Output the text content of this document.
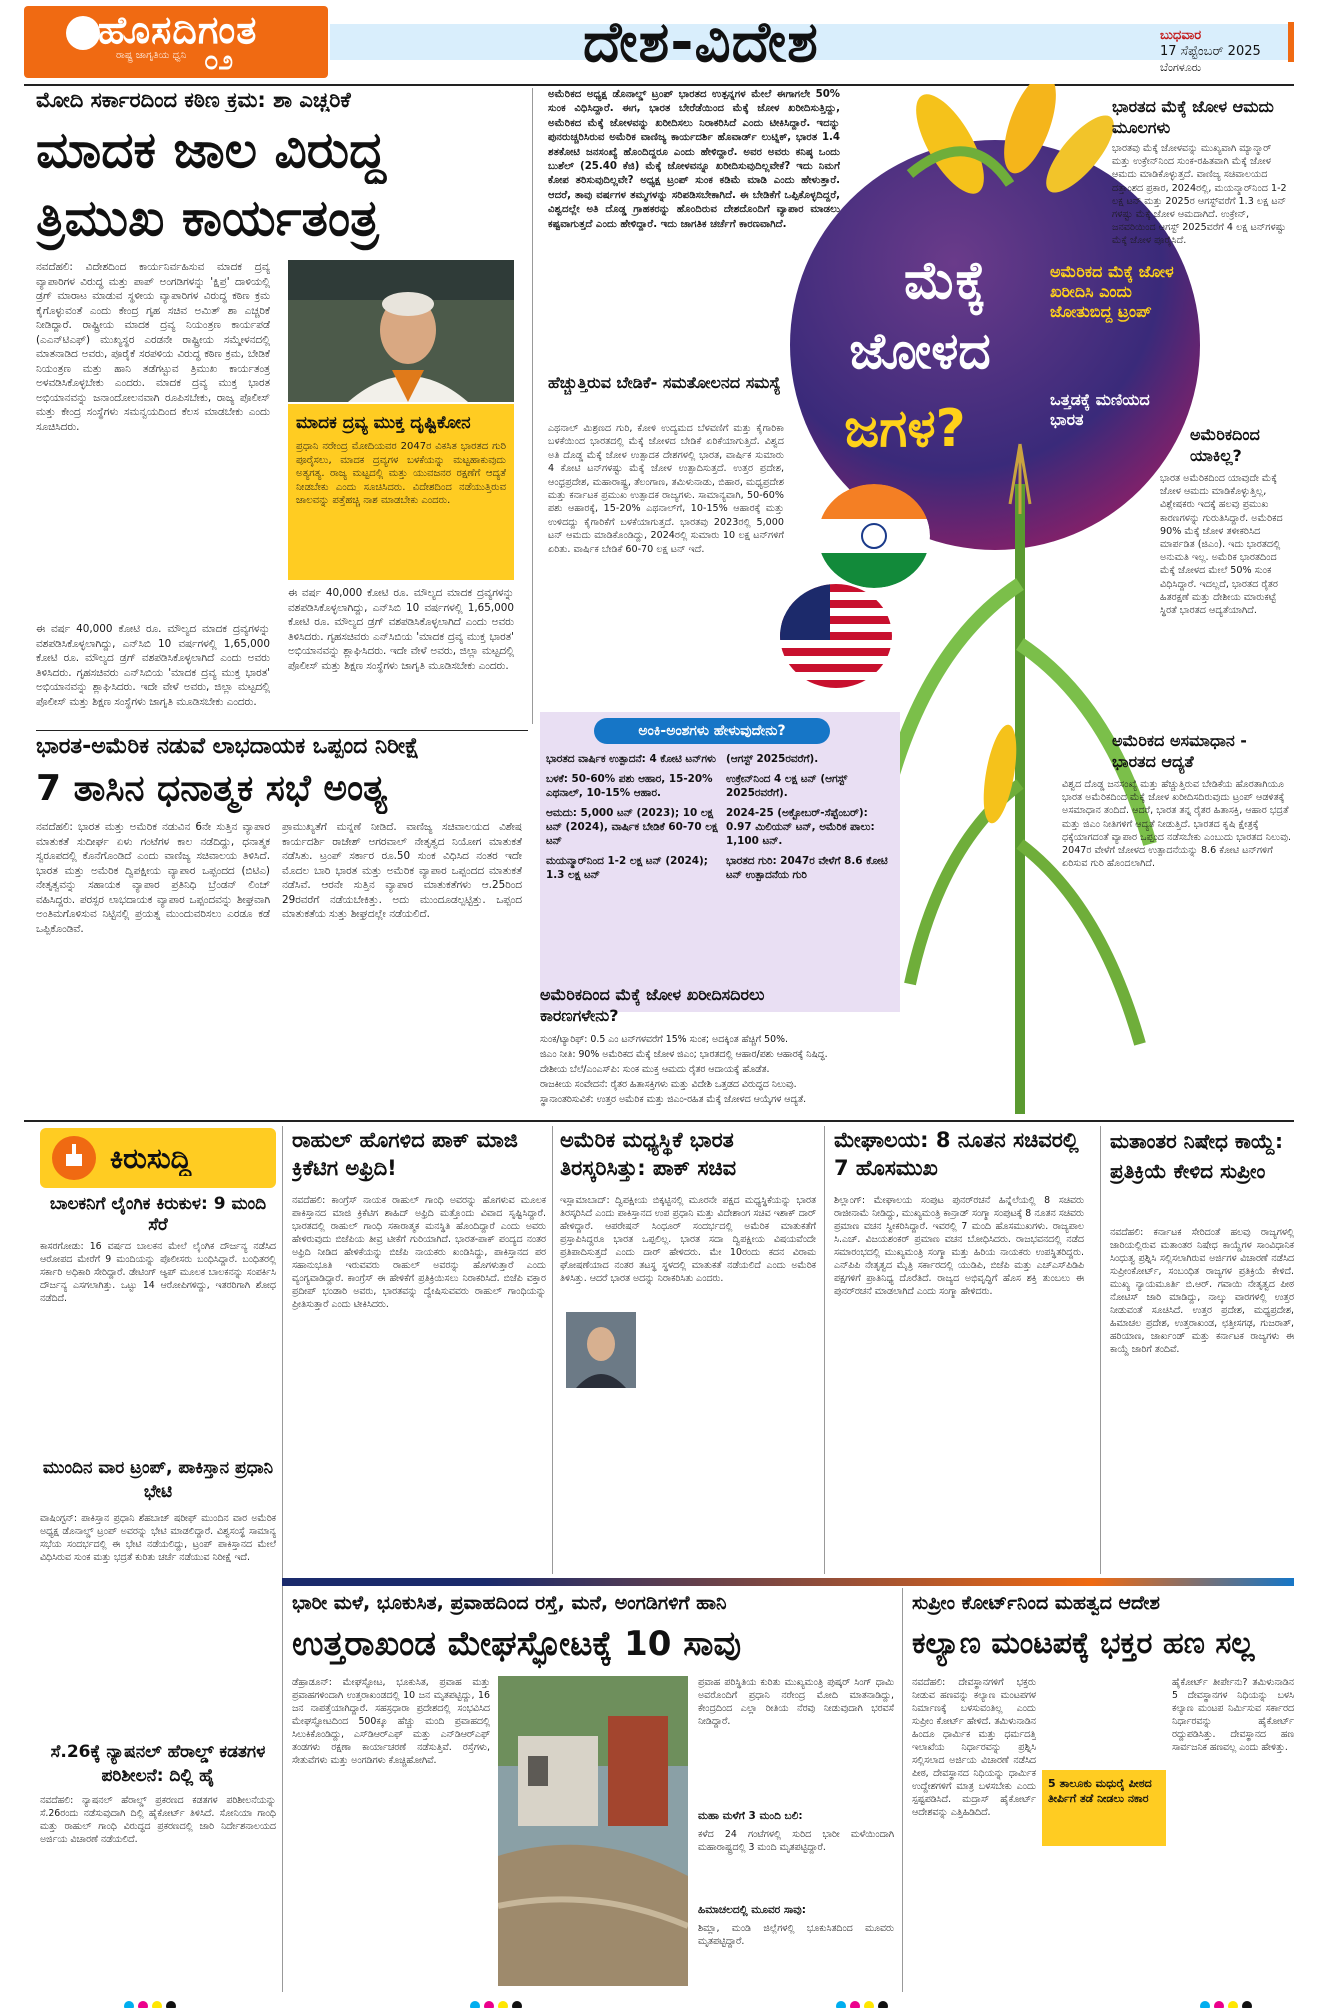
ಹೊಸದಿಗಂತ
ರಾಷ್ಟ್ರ ಜಾಗೃತಿಯ ಧ್ವನಿ ೦೨	ದೇಶ-ವಿದೇಶ	ಬುಧವಾರ
17 ಸೆಪ್ಟೆಂಬರ್ 2025
ಬೆಂಗಳೂರು
ಮೋದಿ ಸರ್ಕಾರದಿಂದ ಕಠಿಣ ಕ್ರಮ: ಶಾ ಎಚ್ಚರಿಕೆ
ಮಾದಕ ಜಾಲ ವಿರುದ್ಧ
ತ್ರಿಮುಖ ಕಾರ್ಯತಂತ್ರ
ನವದೆಹಲಿ: ವಿದೇಶದಿಂದ ಕಾರ್ಯನಿರ್ವಹಿಸುವ ಮಾದಕ ದ್ರವ್ಯ ವ್ಯಾಪಾರಿಗಳ ವಿರುದ್ಧ ಮತ್ತು ಪಾಪ್ ಅಂಗಡಿಗಳನ್ನು 'ಕ್ಷಿಪ್ರ' ದಾಳಿಯಲ್ಲಿ ಡ್ರಗ್ ಮಾರಾಟ ಮಾಡುವ ಸ್ಥಳೀಯ ವ್ಯಾಪಾರಿಗಳ ವಿರುದ್ಧ ಕಠಿಣ ಕ್ರಮ ಕೈಗೊಳ್ಳುವಂತೆ ಎಂದು ಕೇಂದ್ರ ಗೃಹ ಸಚಿವ ಅಮಿತ್ ಶಾ ಎಚ್ಚರಿಕೆ ನೀಡಿದ್ದಾರೆ. ರಾಷ್ಟ್ರೀಯ ಮಾದಕ ದ್ರವ್ಯ ನಿಯಂತ್ರಣ ಕಾರ್ಯಪಡೆ (ಎಎನ್‌ಟಿಎಫ್) ಮುಖ್ಯಸ್ಥರ ಎರಡನೇ ರಾಷ್ಟ್ರೀಯ ಸಮ್ಮೇಳನದಲ್ಲಿ ಮಾತನಾಡಿದ ಅವರು, ಪೂರೈಕೆ ಸರಪಳಿಯ ವಿರುದ್ಧ ಕಠಿಣ ಕ್ರಮ, ಬೇಡಿಕೆ ನಿಯಂತ್ರಣ ಮತ್ತು ಹಾನಿ ತಡೆಗಟ್ಟುವ ತ್ರಿಮುಖ ಕಾರ್ಯತಂತ್ರ ಅಳವಡಿಸಿಕೊಳ್ಳಬೇಕು ಎಂದರು. ಮಾದಕ ದ್ರವ್ಯ ಮುಕ್ತ ಭಾರತ ಅಭಿಯಾನವನ್ನು ಜನಾಂದೋಲನವಾಗಿ ರೂಪಿಸಬೇಕು, ರಾಜ್ಯ ಪೊಲೀಸ್ ಮತ್ತು ಕೇಂದ್ರ ಸಂಸ್ಥೆಗಳು ಸಮನ್ವಯದಿಂದ ಕೆಲಸ ಮಾಡಬೇಕು ಎಂದು ಸೂಚಿಸಿದರು.
ಈ ವರ್ಷ 40,000 ಕೋಟಿ ರೂ. ಮೌಲ್ಯದ ಮಾದಕ ದ್ರವ್ಯಗಳನ್ನು ವಶಪಡಿಸಿಕೊಳ್ಳಲಾಗಿದ್ದು, ಎನ್‌ಸಿಬಿ 10 ವರ್ಷಗಳಲ್ಲಿ 1,65,000 ಕೋಟಿ ರೂ. ಮೌಲ್ಯದ ಡ್ರಗ್ ವಶಪಡಿಸಿಕೊಳ್ಳಲಾಗಿದೆ ಎಂದು ಅವರು ತಿಳಿಸಿದರು. ಗೃಹಸಚಿವರು ಎನ್‌ಸಿಬಿಯ 'ಮಾದಕ ದ್ರವ್ಯ ಮುಕ್ತ ಭಾರತ' ಅಭಿಯಾನವನ್ನು ಶ್ಲಾಘಿಸಿದರು. ಇದೇ ವೇಳೆ ಅವರು, ಜಿಲ್ಲಾ ಮಟ್ಟದಲ್ಲಿ ಪೊಲೀಸ್ ಮತ್ತು ಶಿಕ್ಷಣ ಸಂಸ್ಥೆಗಳು ಜಾಗೃತಿ ಮೂಡಿಸಬೇಕು ಎಂದರು.
ಮಾದಕ ದ್ರವ್ಯ ಮುಕ್ತ ದೃಷ್ಟಿಕೋನ
ಪ್ರಧಾನಿ ನರೇಂದ್ರ ಮೋದಿಯವರ 2047ರ ವಿಕಸಿತ ಭಾರತದ ಗುರಿ ಪೂರೈಸಲು, ಮಾದಕ ದ್ರವ್ಯಗಳ ಬಳಕೆಯನ್ನು ಮಟ್ಟಹಾಕುವುದು ಅತ್ಯಗತ್ಯ. ರಾಜ್ಯ ಮಟ್ಟದಲ್ಲಿ ಮತ್ತು ಯುವಜನರ ರಕ್ಷಣೆಗೆ ಆದ್ಯತೆ ನೀಡಬೇಕು ಎಂದು ಸೂಚಿಸಿದರು. ವಿದೇಶದಿಂದ ನಡೆಯುತ್ತಿರುವ ಜಾಲವನ್ನು ಪತ್ತೆಹಚ್ಚಿ ನಾಶ ಮಾಡಬೇಕು ಎಂದರು.
ಈ ವರ್ಷ 40,000 ಕೋಟಿ ರೂ. ಮೌಲ್ಯದ ಮಾದಕ ದ್ರವ್ಯಗಳನ್ನು ವಶಪಡಿಸಿಕೊಳ್ಳಲಾಗಿದ್ದು, ಎನ್‌ಸಿಬಿ 10 ವರ್ಷಗಳಲ್ಲಿ 1,65,000 ಕೋಟಿ ರೂ. ಮೌಲ್ಯದ ಡ್ರಗ್ ವಶಪಡಿಸಿಕೊಳ್ಳಲಾಗಿದೆ ಎಂದು ಅವರು ತಿಳಿಸಿದರು. ಗೃಹಸಚಿವರು ಎನ್‌ಸಿಬಿಯ 'ಮಾದಕ ದ್ರವ್ಯ ಮುಕ್ತ ಭಾರತ' ಅಭಿಯಾನವನ್ನು ಶ್ಲಾಘಿಸಿದರು. ಇದೇ ವೇಳೆ ಅವರು, ಜಿಲ್ಲಾ ಮಟ್ಟದಲ್ಲಿ ಪೊಲೀಸ್ ಮತ್ತು ಶಿಕ್ಷಣ ಸಂಸ್ಥೆಗಳು ಜಾಗೃತಿ ಮೂಡಿಸಬೇಕು ಎಂದರು.
ಅಮೆರಿಕದ ಅಧ್ಯಕ್ಷ ಡೊನಾಲ್ಡ್ ಟ್ರಂಪ್ ಭಾರತದ ಉತ್ಪನ್ನಗಳ ಮೇಲೆ ಈಗಾಗಲೇ 50% ಸುಂಕ ವಿಧಿಸಿದ್ದಾರೆ. ಈಗ, ಭಾರತ ಬೇರೆಡೆಯಿಂದ ಮೆಕ್ಕೆ ಜೋಳ ಖರೀದಿಸುತ್ತಿದ್ದು, ಅಮೆರಿಕದ ಮೆಕ್ಕೆ ಜೋಳವನ್ನು ಖರೀದಿಸಲು ನಿರಾಕರಿಸಿದೆ ಎಂದು ಟೀಕಿಸಿದ್ದಾರೆ. ಇದನ್ನು ಪುನರುಚ್ಚರಿಸಿರುವ ಅಮೆರಿಕ ವಾಣಿಜ್ಯ ಕಾರ್ಯದರ್ಶಿ ಹೊವಾರ್ಡ್ ಲುಟ್ನಿಕ್, ಭಾರತ 1.4 ಶತಕೋಟಿ ಜನಸಂಖ್ಯೆ ಹೊಂದಿದ್ದರೂ ಎಂದು ಹೇಳಿದ್ದಾರೆ. ಅವರ ಅವರು ಕನಿಷ್ಠ ಒಂದು ಬುಶೆಲ್ (25.40 ಕೆಜಿ) ಮೆಕ್ಕೆ ಜೋಳವನ್ನೂ ಖರೀದಿಸುವುದಿಲ್ಲವೇಕೆ? ಇದು ನಿಮಗೆ ಕೋಪ ತರಿಸುವುದಿಲ್ಲವೇ? ಅಧ್ಯಕ್ಷ ಟ್ರಂಪ್ ಸುಂಕ ಕಡಿಮೆ ಮಾಡಿ ಎಂದು ಹೇಳುತ್ತಾರೆ. ಆದರೆ, ತಾವು ವರ್ಷಗಳ ತಮ್ಮಗಳನ್ನು ಸರಿಪಡಿಸಬೇಕಾಗಿದೆ. ಈ ಬೇಡಿಕೆಗೆ ಒಪ್ಪಿಕೊಳ್ಳದಿದ್ದರೆ, ವಿಶ್ವದಲ್ಲೇ ಅತಿ ದೊಡ್ಡ ಗ್ರಾಹಕರನ್ನು ಹೊಂದಿರುವ ದೇಶದೊಂದಿಗೆ ವ್ಯಾಪಾರ ಮಾಡಲು ಕಷ್ಟವಾಗುತ್ತದೆ ಎಂದು ಹೇಳಿದ್ದಾರೆ. ಇದು ಜಾಗತಿಕ ಚರ್ಚೆಗೆ ಕಾರಣವಾಗಿದೆ.
ಮೆಕ್ಕೆ
ಜೋಳದ
ಜಗಳ?
ಅಮೆರಿಕದ ಮೆಕ್ಕೆ ಜೋಳ ಖರೀದಿಸಿ ಎಂದು ಜೋತುಬಿದ್ದ ಟ್ರಂಪ್
ಒತ್ತಡಕ್ಕೆ ಮಣಿಯದ ಭಾರತ
ಹೆಚ್ಚುತ್ತಿರುವ ಬೇಡಿಕೆ- ಸಮತೋಲನದ ಸಮಸ್ಯೆ
ಎಥನಾಲ್ ಮಿಶ್ರಣದ ಗುರಿ, ಕೋಳಿ ಉದ್ಯಮದ ಬೆಳವಣಿಗೆ ಮತ್ತು ಕೈಗಾರಿಕಾ ಬಳಕೆಯಿಂದ ಭಾರತದಲ್ಲಿ ಮೆಕ್ಕೆ ಜೋಳದ ಬೇಡಿಕೆ ಏರಿಕೆಯಾಗುತ್ತಿದೆ. ವಿಶ್ವದ ಅತಿ ದೊಡ್ಡ ಮೆಕ್ಕೆ ಜೋಳ ಉತ್ಪಾದಕ ದೇಶಗಳಲ್ಲಿ ಭಾರತ, ವಾರ್ಷಿಕ ಸುಮಾರು 4 ಕೋಟಿ ಟನ್‌ಗಳಷ್ಟು ಮೆಕ್ಕೆ ಜೋಳ ಉತ್ಪಾದಿಸುತ್ತದೆ. ಉತ್ತರ ಪ್ರದೇಶ, ಆಂಧ್ರಪ್ರದೇಶ, ಮಹಾರಾಷ್ಟ್ರ, ತೆಲಂಗಾಣ, ತಮಿಳುನಾಡು, ಬಿಹಾರ, ಮಧ್ಯಪ್ರದೇಶ ಮತ್ತು ಕರ್ನಾಟಕ ಪ್ರಮುಖ ಉತ್ಪಾದಕ ರಾಜ್ಯಗಳು. ಸಾಮಾನ್ಯವಾಗಿ, 50-60% ಪಶು ಆಹಾರಕ್ಕೆ, 15-20% ಎಥನಾಲ್‌ಗೆ, 10-15% ಆಹಾರಕ್ಕೆ ಮತ್ತು ಉಳಿದದ್ದು ಕೈಗಾರಿಕೆಗೆ ಬಳಕೆಯಾಗುತ್ತದೆ. ಭಾರತವು 2023ರಲ್ಲಿ 5,000 ಟನ್ ಆಮದು ಮಾಡಿಕೊಂಡಿದ್ದು, 2024ರಲ್ಲಿ ಸುಮಾರು 10 ಲಕ್ಷ ಟನ್‌ಗಳಿಗೆ ಏರಿತು. ವಾರ್ಷಿಕ ಬೇಡಿಕೆ 60-70 ಲಕ್ಷ ಟನ್ ಇದೆ.
ಭಾರತದ ಮೆಕ್ಕೆ ಜೋಳ ಆಮದು ಮೂಲಗಳು
ಭಾರತವು ಮೆಕ್ಕೆ ಜೋಳವನ್ನು ಮುಖ್ಯವಾಗಿ ಮ್ಯಾನ್ಮಾರ್ ಮತ್ತು ಉಕ್ರೇನ್‌ನಿಂದ ಸುಂಕ-ರಹಿತವಾಗಿ ಮೆಕ್ಕೆ ಜೋಳ ಆಮದು ಮಾಡಿಕೊಳ್ಳುತ್ತದೆ. ವಾಣಿಜ್ಯ ಸಚಿವಾಲಯದ ದತ್ತಾಂಶದ ಪ್ರಕಾರ, 2024ರಲ್ಲಿ, ಮಯನ್ಮಾರ್‌ನಿಂದ 1-2 ಲಕ್ಷ ಟನ್ ಮತ್ತು 2025ರ ಆಗಸ್ಟ್‌ವರೆಗೆ 1.3 ಲಕ್ಷ ಟನ್ ಗಳಷ್ಟು ಮೆಕ್ಕೆ ಜೋಳ ಆಮದಾಗಿದೆ. ಉಕ್ರೇನ್, ಜನವರಿಯಿಂದ ಆಗಸ್ಟ್ 2025ವರೆಗೆ 4 ಲಕ್ಷ ಟನ್‌ಗಳಷ್ಟು ಮೆಕ್ಕೆ ಜೋಳ ಪೂರೈಸಿದೆ.
ಅಮೆರಿಕದಿಂದ ಯಾಕಿಲ್ಲ?
ಭಾರತ ಅಮೆರಿಕದಿಂದ ಯಾವುದೇ ಮೆಕ್ಕೆ ಜೋಳ ಆಮದು ಮಾಡಿಕೊಳ್ಳುತ್ತಿಲ್ಲ, ವಿಶ್ಲೇಷಕರು ಇದಕ್ಕೆ ಹಲವು ಪ್ರಮುಖ ಕಾರಣಗಳನ್ನು ಗುರುತಿಸಿದ್ದಾರೆ. ಅಮೆರಿಕದ 90% ಮೆಕ್ಕೆ ಜೋಳ ತಳೀಕರಿಸಿದ ಮಾರ್ಪಡಿತ (ಜಿಎಂ). ಇದು ಭಾರತದಲ್ಲಿ ಅನುಮತಿ ಇಲ್ಲ. ಅಮೆರಿಕ ಭಾರತದಿಂದ ಮೆಕ್ಕೆ ಜೋಳದ ಮೇಲೆ 50% ಸುಂಕ ವಿಧಿಸಿದ್ದಾರೆ. ಇದಲ್ಲದೆ, ಭಾರತದ ರೈತರ ಹಿತರಕ್ಷಣೆ ಮತ್ತು ದೇಶೀಯ ಮಾರುಕಟ್ಟೆ ಸ್ಥಿರತೆ ಭಾರತದ ಆದ್ಯತೆಯಾಗಿದೆ.
ಅಮೆರಿಕದ ಅಸಮಾಧಾನ - ಭಾರತದ ಆದ್ಯತೆ
ವಿಶ್ವದ ದೊಡ್ಡ ಜನಸಂಖ್ಯೆ ಮತ್ತು ಹೆಚ್ಚುತ್ತಿರುವ ಬೇಡಿಕೆಯ ಹೊರತಾಗಿಯೂ ಭಾರತ ಅಮೆರಿಕದಿಂದ ಮೆಕ್ಕೆ ಜೋಳ ಖರೀದಿಸದಿರುವುದು ಟ್ರಂಪ್ ಆಡಳಿತಕ್ಕೆ ಅಸಮಾಧಾನ ತಂದಿದೆ. ಆದರೆ, ಭಾರತ ತನ್ನ ರೈತರ ಹಿತಾಸಕ್ತಿ, ಆಹಾರ ಭದ್ರತೆ ಮತ್ತು ಜಿಎಂ ನೀತಿಗಳಿಗೆ ಆದ್ಯತೆ ನೀಡುತ್ತಿದೆ. ಭಾರತದ ಕೃಷಿ ಕ್ಷೇತ್ರಕ್ಕೆ ಧಕ್ಕೆಯಾಗದಂತೆ ವ್ಯಾಪಾರ ಒಪ್ಪಂದ ನಡೆಸಬೇಕು ಎಂಬುದು ಭಾರತದ ನಿಲುವು. 2047ರ ವೇಳೆಗೆ ಜೋಳದ ಉತ್ಪಾದನೆಯನ್ನು 8.6 ಕೋಟಿ ಟನ್‌ಗಳಿಗೆ ಏರಿಸುವ ಗುರಿ ಹೊಂದಲಾಗಿದೆ.
ಅಂಕಿ-ಅಂಶಗಳು ಹೇಳುವುದೇನು?
ಭಾರತದ ವಾರ್ಷಿಕ ಉತ್ಪಾದನೆ: 4 ಕೋಟಿ ಟನ್‌ಗಳು
ಬಳಕೆ: 50-60% ಪಶು ಆಹಾರ, 15-20% ಎಥನಾಲ್, 10-15% ಆಹಾರ.
ಆಮದು: 5,000 ಟನ್ (2023); 10 ಲಕ್ಷ ಟನ್ (2024), ವಾರ್ಷಿಕ ಬೇಡಿಕೆ 60-70 ಲಕ್ಷ ಟನ್
ಮಯನ್ಮಾರ್‌ನಿಂದ 1-2 ಲಕ್ಷ ಟನ್ (2024); 1.3 ಲಕ್ಷ ಟನ್
(ಆಗಸ್ಟ್ 2025ರವರೆಗೆ).
ಉಕ್ರೇನ್‌ನಿಂದ 4 ಲಕ್ಷ ಟನ್ (ಆಗಸ್ಟ್ 2025ರವರೆಗೆ).
2024-25 (ಅಕ್ಟೋಬರ್-ಸೆಪ್ಟೆಂಬರ್): 0.97 ಮಿಲಿಯನ್ ಟನ್, ಅಮೆರಿಕ ಪಾಲು: 1,100 ಟನ್.
ಭಾರತದ ಗುರಿ: 2047ರ ವೇಳೆಗೆ 8.6 ಕೋಟಿ ಟನ್ ಉತ್ಪಾದನೆಯ ಗುರಿ
ಅಮೆರಿಕದಿಂದ ಮೆಕ್ಕೆ ಜೋಳ ಖರೀದಿಸದಿರಲು ಕಾರಣಗಳೇನು?
ಸುಂಕ/ಟ್ಯಾರಿಫ್: 0.5 ಎಂ ಟನ್‌ಗಳವರೆಗೆ 15% ಸುಂಕ; ಅದಕ್ಕಿಂತ ಹೆಚ್ಚಿಗೆ 50%.
ಜಿಎಂ ನೀತಿ: 90% ಅಮೆರಿಕದ ಮೆಕ್ಕೆ ಜೋಳ ಜಿಎಂ; ಭಾರತದಲ್ಲಿ ಆಹಾರ/ಪಶು ಆಹಾರಕ್ಕೆ ನಿಷಿದ್ಧ.
ದೇಶೀಯ ಬೆಲೆ/ಎಂಎಸ್‌ಪಿ: ಸುಂಕ ಮುಕ್ತ ಆಮದು ರೈತರ ಆದಾಯಕ್ಕೆ ಹೊಡೆತ.
ರಾಜಕೀಯ ಸಂವೇದನೆ: ರೈತರ ಹಿತಾಸಕ್ತಿಗಳು ಮತ್ತು ವಿದೇಶಿ ಒತ್ತಡದ ವಿರುದ್ಧದ ನಿಲುವು.
ಸ್ಥಾನಾಂತರಿಸುವಿಕೆ: ಉತ್ತರ ಅಮೆರಿಕ ಮತ್ತು ಜಿಎಂ-ರಹಿತ ಮೆಕ್ಕೆ ಜೋಳದ ಆಯ್ಕೆಗಳ ಆದ್ಯತೆ.
ಭಾರತ-ಅಮೆರಿಕ ನಡುವೆ ಲಾಭದಾಯಕ ಒಪ್ಪಂದ ನಿರೀಕ್ಷೆ
7 ತಾಸಿನ ಧನಾತ್ಮಕ ಸಭೆ ಅಂತ್ಯ
ನವದೆಹಲಿ: ಭಾರತ ಮತ್ತು ಅಮೆರಿಕ ನಡುವಿನ 6ನೇ ಸುತ್ತಿನ ವ್ಯಾಪಾರ ಮಾತುಕತೆ ಸುದೀರ್ಘ ಏಳು ಗಂಟೆಗಳ ಕಾಲ ನಡೆದಿದ್ದು, ಧನಾತ್ಮಕ ಸ್ವರೂಪದಲ್ಲಿ ಕೊನೆಗೊಂಡಿದೆ ಎಂದು ವಾಣಿಜ್ಯ ಸಚಿವಾಲಯ ತಿಳಿಸಿದೆ. ಭಾರತ ಮತ್ತು ಅಮೆರಿಕ ದ್ವಿಪಕ್ಷೀಯ ವ್ಯಾಪಾರ ಒಪ್ಪಂದದ (ಬಿಟಿಎ) ನೇತೃತ್ವವನ್ನು ಸಹಾಯಕ ವ್ಯಾಪಾರ ಪ್ರತಿನಿಧಿ ಬ್ರೆಂಡನ್ ಲಿಂಚ್ ವಹಿಸಿದ್ದರು. ಪರಸ್ಪರ ಲಾಭದಾಯಕ ವ್ಯಾಪಾರ ಒಪ್ಪಂದವನ್ನು ಶೀಘ್ರವಾಗಿ ಅಂತಿಮಗೊಳಿಸುವ ನಿಟ್ಟಿನಲ್ಲಿ ಪ್ರಯತ್ನ ಮುಂದುವರಿಸಲು ಎರಡೂ ಕಡೆ ಒಪ್ಪಿಕೊಂಡಿವೆ.
ಪ್ರಾಮುಖ್ಯತೆಗೆ ಮನ್ನಣೆ ನೀಡಿದೆ. ವಾಣಿಜ್ಯ ಸಚಿವಾಲಯದ ವಿಶೇಷ ಕಾರ್ಯದರ್ಶಿ ರಾಜೇಶ್ ಅಗರವಾಲ್ ನೇತೃತ್ವದ ನಿಯೋಗ ಮಾತುಕತೆ ನಡೆಸಿತು. ಟ್ರಂಪ್ ಸರ್ಕಾರ ರೂ.50 ಸುಂಕ ವಿಧಿಸಿದ ನಂತರ ಇದೇ ಮೊದಲ ಬಾರಿ ಭಾರತ ಮತ್ತು ಅಮೆರಿಕ ವ್ಯಾಪಾರ ಒಪ್ಪಂದದ ಮಾತುಕತೆ ನಡೆಸಿವೆ. ಆರನೇ ಸುತ್ತಿನ ವ್ಯಾಪಾರ ಮಾತುಕತೆಗಳು ಆ.25ರಿಂದ 29ರವರೆಗೆ ನಡೆಯಬೇಕಿತ್ತು. ಅದು ಮುಂದೂಡಲ್ಪಟ್ಟಿತ್ತು. ಒಪ್ಪಂದ ಮಾತುಕತೆಯ ಸುತ್ತು ಶೀಘ್ರದಲ್ಲೇ ನಡೆಯಲಿದೆ.
ಕಿರುಸುದ್ದಿ
ಬಾಲಕನಿಗೆ ಲೈಂಗಿಕ ಕಿರುಕುಳ: 9 ಮಂದಿ ಸೆರೆ
ಕಾಸರಗೋಡು: 16 ವರ್ಷದ ಬಾಲಕನ ಮೇಲೆ ಲೈಂಗಿಕ ದೌರ್ಜನ್ಯ ನಡೆಸಿದ ಆರೋಪದ ಮೇರೆಗೆ 9 ಮಂದಿಯನ್ನು ಪೊಲೀಸರು ಬಂಧಿಸಿದ್ದಾರೆ. ಬಂಧಿತರಲ್ಲಿ ಸರ್ಕಾರಿ ಅಧಿಕಾರಿ ಸೇರಿದ್ದಾರೆ. ಡೇಟಿಂಗ್ ಆ್ಯಪ್ ಮೂಲಕ ಬಾಲಕನನ್ನು ಸಂಪರ್ಕಿಸಿ ದೌರ್ಜನ್ಯ ಎಸಗಲಾಗಿತ್ತು. ಒಟ್ಟು 14 ಆರೋಪಿಗಳಿದ್ದು, ಇತರರಿಗಾಗಿ ಶೋಧ ನಡೆದಿದೆ.
ಮುಂದಿನ ವಾರ ಟ್ರಂಪ್, ಪಾಕಿಸ್ತಾನ ಪ್ರಧಾನಿ ಭೇಟಿ
ವಾಷಿಂಗ್ಟನ್: ಪಾಕಿಸ್ತಾನ ಪ್ರಧಾನಿ ಶೆಹಬಾಜ್ ಷರೀಫ್ ಮುಂದಿನ ವಾರ ಅಮೆರಿಕ ಅಧ್ಯಕ್ಷ ಡೊನಾಲ್ಡ್ ಟ್ರಂಪ್ ಅವರನ್ನು ಭೇಟಿ ಮಾಡಲಿದ್ದಾರೆ. ವಿಶ್ವಸಂಸ್ಥೆ ಸಾಮಾನ್ಯ ಸಭೆಯ ಸಂದರ್ಭದಲ್ಲಿ ಈ ಭೇಟಿ ನಡೆಯಲಿದ್ದು, ಟ್ರಂಪ್ ಪಾಕಿಸ್ತಾನದ ಮೇಲೆ ವಿಧಿಸಿರುವ ಸುಂಕ ಮತ್ತು ಭದ್ರತೆ ಕುರಿತು ಚರ್ಚೆ ನಡೆಯುವ ನಿರೀಕ್ಷೆ ಇದೆ.
ಸೆ.26ಕ್ಕೆ ನ್ಯಾಷನಲ್ ಹೆರಾಲ್ಡ್ ಕಡತಗಳ ಪರಿಶೀಲನೆ: ದಿಲ್ಲಿ ಹೈ
ನವದೆಹಲಿ: ನ್ಯಾಷನಲ್ ಹೆರಾಲ್ಡ್ ಪ್ರಕರಣದ ಕಡತಗಳ ಪರಿಶೀಲನೆಯನ್ನು ಸೆ.26ರಂದು ನಡೆಸುವುದಾಗಿ ದಿಲ್ಲಿ ಹೈಕೋರ್ಟ್ ತಿಳಿಸಿದೆ. ಸೋನಿಯಾ ಗಾಂಧಿ ಮತ್ತು ರಾಹುಲ್ ಗಾಂಧಿ ವಿರುದ್ಧದ ಪ್ರಕರಣದಲ್ಲಿ ಜಾರಿ ನಿರ್ದೇಶನಾಲಯದ ಅರ್ಜಿಯ ವಿಚಾರಣೆ ನಡೆಯಲಿದೆ.
ರಾಹುಲ್ ಹೊಗಳಿದ ಪಾಕ್ ಮಾಜಿ ಕ್ರಿಕೆಟಿಗ ಅಫ್ರಿದಿ!
ನವದೆಹಲಿ: ಕಾಂಗ್ರೆಸ್ ನಾಯಕ ರಾಹುಲ್ ಗಾಂಧಿ ಅವರನ್ನು ಹೊಗಳುವ ಮೂಲಕ ಪಾಕಿಸ್ತಾನದ ಮಾಜಿ ಕ್ರಿಕೆಟಿಗ ಶಾಹಿದ್ ಅಫ್ರಿದಿ ಮತ್ತೊಂದು ವಿವಾದ ಸೃಷ್ಟಿಸಿದ್ದಾರೆ. ಭಾರತದಲ್ಲಿ ರಾಹುಲ್ ಗಾಂಧಿ ಸಕಾರಾತ್ಮಕ ಮನಸ್ಥಿತಿ ಹೊಂದಿದ್ದಾರೆ ಎಂದು ಅವರು ಹೇಳಿರುವುದು ಬಿಜೆಪಿಯ ತೀವ್ರ ಟೀಕೆಗೆ ಗುರಿಯಾಗಿದೆ. ಭಾರತ-ಪಾಕ್ ಪಂದ್ಯದ ನಂತರ ಅಫ್ರಿದಿ ನೀಡಿದ ಹೇಳಿಕೆಯನ್ನು ಬಿಜೆಪಿ ನಾಯಕರು ಖಂಡಿಸಿದ್ದು, ಪಾಕಿಸ್ತಾನದ ಪರ ಸಹಾನುಭೂತಿ ಇರುವವರು ರಾಹುಲ್ ಅವರನ್ನು ಹೊಗಳುತ್ತಾರೆ ಎಂದು ವ್ಯಂಗ್ಯವಾಡಿದ್ದಾರೆ. ಕಾಂಗ್ರೆಸ್ ಈ ಹೇಳಿಕೆಗೆ ಪ್ರತಿಕ್ರಿಯಿಸಲು ನಿರಾಕರಿಸಿದೆ. ಬಿಜೆಪಿ ವಕ್ತಾರ ಪ್ರದೀಪ್ ಭಂಡಾರಿ ಅವರು, ಭಾರತವನ್ನು ದ್ವೇಷಿಸುವವರು ರಾಹುಲ್ ಗಾಂಧಿಯನ್ನು ಪ್ರೀತಿಸುತ್ತಾರೆ ಎಂದು ಟೀಕಿಸಿದರು.
ಅಮೆರಿಕ ಮಧ್ಯಸ್ಥಿಕೆ ಭಾರತ ತಿರಸ್ಕರಿಸಿತ್ತು: ಪಾಕ್ ಸಚಿವ
ಇಸ್ಲಾಮಾಬಾದ್: ದ್ವಿಪಕ್ಷೀಯ ಬಿಕ್ಕಟ್ಟಿನಲ್ಲಿ ಮೂರನೇ ಪಕ್ಷದ ಮಧ್ಯಸ್ಥಿಕೆಯನ್ನು ಭಾರತ ತಿರಸ್ಕರಿಸಿದೆ ಎಂದು ಪಾಕಿಸ್ತಾನದ ಉಪ ಪ್ರಧಾನಿ ಮತ್ತು ವಿದೇಶಾಂಗ ಸಚಿವ ಇಶಾಕ್ ದಾರ್ ಹೇಳಿದ್ದಾರೆ. ಆಪರೇಷನ್ ಸಿಂಧೂರ್ ಸಂದರ್ಭದಲ್ಲಿ ಅಮೆರಿಕ ಮಾತುಕತೆಗೆ ಪ್ರಸ್ತಾಪಿಸಿದ್ದರೂ ಭಾರತ ಒಪ್ಪಲಿಲ್ಲ. ಭಾರತ ಸದಾ ದ್ವಿಪಕ್ಷೀಯ ವಿಷಯವೆಂದೇ ಪ್ರತಿಪಾದಿಸುತ್ತದೆ ಎಂದು ದಾರ್ ಹೇಳಿದರು. ಮೇ 10ರಂದು ಕದನ ವಿರಾಮ ಘೋಷಣೆಯಾದ ನಂತರ ತಟಸ್ಥ ಸ್ಥಳದಲ್ಲಿ ಮಾತುಕತೆ ನಡೆಯಲಿದೆ ಎಂದು ಅಮೆರಿಕ ತಿಳಿಸಿತ್ತು. ಆದರೆ ಭಾರತ ಅದನ್ನು ನಿರಾಕರಿಸಿತು ಎಂದರು.
ಮೇಘಾಲಯ: 8 ನೂತನ ಸಚಿವರಲ್ಲಿ 7 ಹೊಸಮುಖ
ಶಿಲ್ಲಾಂಗ್: ಮೇಘಾಲಯ ಸಂಪುಟ ಪುನರ್‌ರಚನೆ ಹಿನ್ನೆಲೆಯಲ್ಲಿ 8 ಸಚಿವರು ರಾಜೀನಾಮೆ ನೀಡಿದ್ದು, ಮುಖ್ಯಮಂತ್ರಿ ಕಾನ್ರಾಡ್ ಸಂಗ್ಮಾ ಸಂಪುಟಕ್ಕೆ 8 ನೂತನ ಸಚಿವರು ಪ್ರಮಾಣ ವಚನ ಸ್ವೀಕರಿಸಿದ್ದಾರೆ. ಇವರಲ್ಲಿ 7 ಮಂದಿ ಹೊಸಮುಖಗಳು. ರಾಜ್ಯಪಾಲ ಸಿ.ಎಚ್. ವಿಜಯಶಂಕರ್ ಪ್ರಮಾಣ ವಚನ ಬೋಧಿಸಿದರು. ರಾಜಭವನದಲ್ಲಿ ನಡೆದ ಸಮಾರಂಭದಲ್ಲಿ ಮುಖ್ಯಮಂತ್ರಿ ಸಂಗ್ಮಾ ಮತ್ತು ಹಿರಿಯ ನಾಯಕರು ಉಪಸ್ಥಿತರಿದ್ದರು. ಎನ್‌ಪಿಪಿ ನೇತೃತ್ವದ ಮೈತ್ರಿ ಸರ್ಕಾರದಲ್ಲಿ ಯುಡಿಪಿ, ಬಿಜೆಪಿ ಮತ್ತು ಎಚ್‌ಎಸ್‌ಪಿಡಿಪಿ ಪಕ್ಷಗಳಿಗೆ ಪ್ರಾತಿನಿಧ್ಯ ದೊರೆತಿದೆ. ರಾಜ್ಯದ ಅಭಿವೃದ್ಧಿಗೆ ಹೊಸ ಶಕ್ತಿ ತುಂಬಲು ಈ ಪುನರ್‌ರಚನೆ ಮಾಡಲಾಗಿದೆ ಎಂದು ಸಂಗ್ಮಾ ಹೇಳಿದರು.
ಮತಾಂತರ ನಿಷೇಧ ಕಾಯ್ದೆ: ಪ್ರತಿಕ್ರಿಯೆ ಕೇಳಿದ ಸುಪ್ರೀಂ
ನವದೆಹಲಿ: ಕರ್ನಾಟಕ ಸೇರಿದಂತೆ ಹಲವು ರಾಜ್ಯಗಳಲ್ಲಿ ಜಾರಿಯಲ್ಲಿರುವ ಮತಾಂತರ ನಿಷೇಧ ಕಾಯ್ದೆಗಳ ಸಾಂವಿಧಾನಿಕ ಸಿಂಧುತ್ವ ಪ್ರಶ್ನಿಸಿ ಸಲ್ಲಿಸಲಾಗಿರುವ ಅರ್ಜಿಗಳ ವಿಚಾರಣೆ ನಡೆಸಿದ ಸುಪ್ರೀಂಕೋರ್ಟ್, ಸಂಬಂಧಿತ ರಾಜ್ಯಗಳ ಪ್ರತಿಕ್ರಿಯೆ ಕೇಳಿದೆ. ಮುಖ್ಯ ನ್ಯಾಯಮೂರ್ತಿ ಬಿ.ಆರ್. ಗವಾಯಿ ನೇತೃತ್ವದ ಪೀಠ ನೋಟಿಸ್ ಜಾರಿ ಮಾಡಿದ್ದು, ನಾಲ್ಕು ವಾರಗಳಲ್ಲಿ ಉತ್ತರ ನೀಡುವಂತೆ ಸೂಚಿಸಿದೆ. ಉತ್ತರ ಪ್ರದೇಶ, ಮಧ್ಯಪ್ರದೇಶ, ಹಿಮಾಚಲ ಪ್ರದೇಶ, ಉತ್ತರಾಖಂಡ, ಛತ್ತೀಸಗಢ, ಗುಜರಾತ್, ಹರಿಯಾಣ, ಜಾರ್ಖಂಡ್ ಮತ್ತು ಕರ್ನಾಟಕ ರಾಜ್ಯಗಳು ಈ ಕಾಯ್ದೆ ಜಾರಿಗೆ ತಂದಿವೆ.
ಭಾರೀ ಮಳೆ, ಭೂಕುಸಿತ, ಪ್ರವಾಹದಿಂದ ರಸ್ತೆ, ಮನೆ, ಅಂಗಡಿಗಳಿಗೆ ಹಾನಿ
ಉತ್ತರಾಖಂಡ ಮೇಘಸ್ಫೋಟಕ್ಕೆ 10 ಸಾವು
ಡೆಹ್ರಾಡೂನ್: ಮೇಘಸ್ಫೋಟ, ಭೂಕುಸಿತ, ಪ್ರವಾಹ ಮತ್ತು ಪ್ರವಾಹಗಳಿಂದಾಗಿ ಉತ್ತರಾಖಂಡದಲ್ಲಿ 10 ಜನ ಮೃತಪಟ್ಟಿದ್ದು, 16 ಜನ ನಾಪತ್ತೆಯಾಗಿದ್ದಾರೆ. ಸಹಸ್ರಧಾರಾ ಪ್ರದೇಶದಲ್ಲಿ ಸಂಭವಿಸಿದ ಮೇಘಸ್ಫೋಟದಿಂದ 500ಕ್ಕೂ ಹೆಚ್ಚು ಮಂದಿ ಪ್ರವಾಹದಲ್ಲಿ ಸಿಲುಕಿಕೊಂಡಿದ್ದು, ಎಸ್‌ಡಿಆರ್‌ಎಫ್ ಮತ್ತು ಎನ್‌ಡಿಆರ್‌ಎಫ್ ತಂಡಗಳು ರಕ್ಷಣಾ ಕಾರ್ಯಾಚರಣೆ ನಡೆಸುತ್ತಿವೆ. ರಸ್ತೆಗಳು, ಸೇತುವೆಗಳು ಮತ್ತು ಅಂಗಡಿಗಳು ಕೊಚ್ಚಿಹೋಗಿವೆ.
ಪ್ರವಾಹ ಪರಿಸ್ಥಿತಿಯ ಕುರಿತು ಮುಖ್ಯಮಂತ್ರಿ ಪುಷ್ಕರ್ ಸಿಂಗ್ ಧಾಮಿ ಅವರೊಂದಿಗೆ ಪ್ರಧಾನಿ ನರೇಂದ್ರ ಮೋದಿ ಮಾತನಾಡಿದ್ದು, ಕೇಂದ್ರದಿಂದ ಎಲ್ಲಾ ರೀತಿಯ ನೆರವು ನೀಡುವುದಾಗಿ ಭರವಸೆ ನೀಡಿದ್ದಾರೆ.
ಮಹಾ ಮಳೆಗೆ 3 ಮಂದಿ ಬಲಿ:
ಕಳೆದ 24 ಗಂಟೆಗಳಲ್ಲಿ ಸುರಿದ ಭಾರೀ ಮಳೆಯಿಂದಾಗಿ ಮಹಾರಾಷ್ಟ್ರದಲ್ಲಿ 3 ಮಂದಿ ಮೃತಪಟ್ಟಿದ್ದಾರೆ.
ಹಿಮಾಚಲದಲ್ಲಿ ಮೂವರ ಸಾವು:
ಶಿಮ್ಲಾ, ಮಂಡಿ ಜಿಲ್ಲೆಗಳಲ್ಲಿ ಭೂಕುಸಿತದಿಂದ ಮೂವರು ಮೃತಪಟ್ಟಿದ್ದಾರೆ.
ಸುಪ್ರೀಂ ಕೋರ್ಟ್‌ನಿಂದ ಮಹತ್ವದ ಆದೇಶ
ಕಲ್ಯಾಣ ಮಂಟಪಕ್ಕೆ ಭಕ್ತರ ಹಣ ಸಲ್ಲ
ನವದೆಹಲಿ: ದೇವಸ್ಥಾನಗಳಿಗೆ ಭಕ್ತರು ನೀಡುವ ಹಣವನ್ನು ಕಲ್ಯಾಣ ಮಂಟಪಗಳ ನಿರ್ಮಾಣಕ್ಕೆ ಬಳಸುವಂತಿಲ್ಲ ಎಂದು ಸುಪ್ರೀಂ ಕೋರ್ಟ್ ಹೇಳಿದೆ. ತಮಿಳುನಾಡಿನ ಹಿಂದೂ ಧಾರ್ಮಿಕ ಮತ್ತು ಧರ್ಮದತ್ತಿ ಇಲಾಖೆಯ ನಿರ್ಧಾರವನ್ನು ಪ್ರಶ್ನಿಸಿ ಸಲ್ಲಿಸಲಾದ ಅರ್ಜಿಯ ವಿಚಾರಣೆ ನಡೆಸಿದ ಪೀಠ, ದೇವಸ್ಥಾನದ ನಿಧಿಯನ್ನು ಧಾರ್ಮಿಕ ಉದ್ದೇಶಗಳಿಗೆ ಮಾತ್ರ ಬಳಸಬೇಕು ಎಂದು ಸ್ಪಷ್ಟಪಡಿಸಿದೆ. ಮದ್ರಾಸ್ ಹೈಕೋರ್ಟ್ ಆದೇಶವನ್ನು ಎತ್ತಿಹಿಡಿದಿದೆ.
5 ತಾಲೂಕು ಮಧುರೈ ಪೀಠದ ತೀರ್ಪಿಗೆ ತಡೆ ನೀಡಲು ನಕಾರ
ಹೈಕೋರ್ಟ್ ತೀರ್ಪೇನು? ತಮಿಳುನಾಡಿನ 5 ದೇವಸ್ಥಾನಗಳ ನಿಧಿಯನ್ನು ಬಳಸಿ ಕಲ್ಯಾಣ ಮಂಟಪ ನಿರ್ಮಿಸುವ ಸರ್ಕಾರದ ನಿರ್ಧಾರವನ್ನು ಹೈಕೋರ್ಟ್ ರದ್ದುಪಡಿಸಿತ್ತು. ದೇವಸ್ಥಾನದ ಹಣ ಸಾರ್ವಜನಿಕ ಹಣವಲ್ಲ ಎಂದು ಹೇಳಿತ್ತು.
